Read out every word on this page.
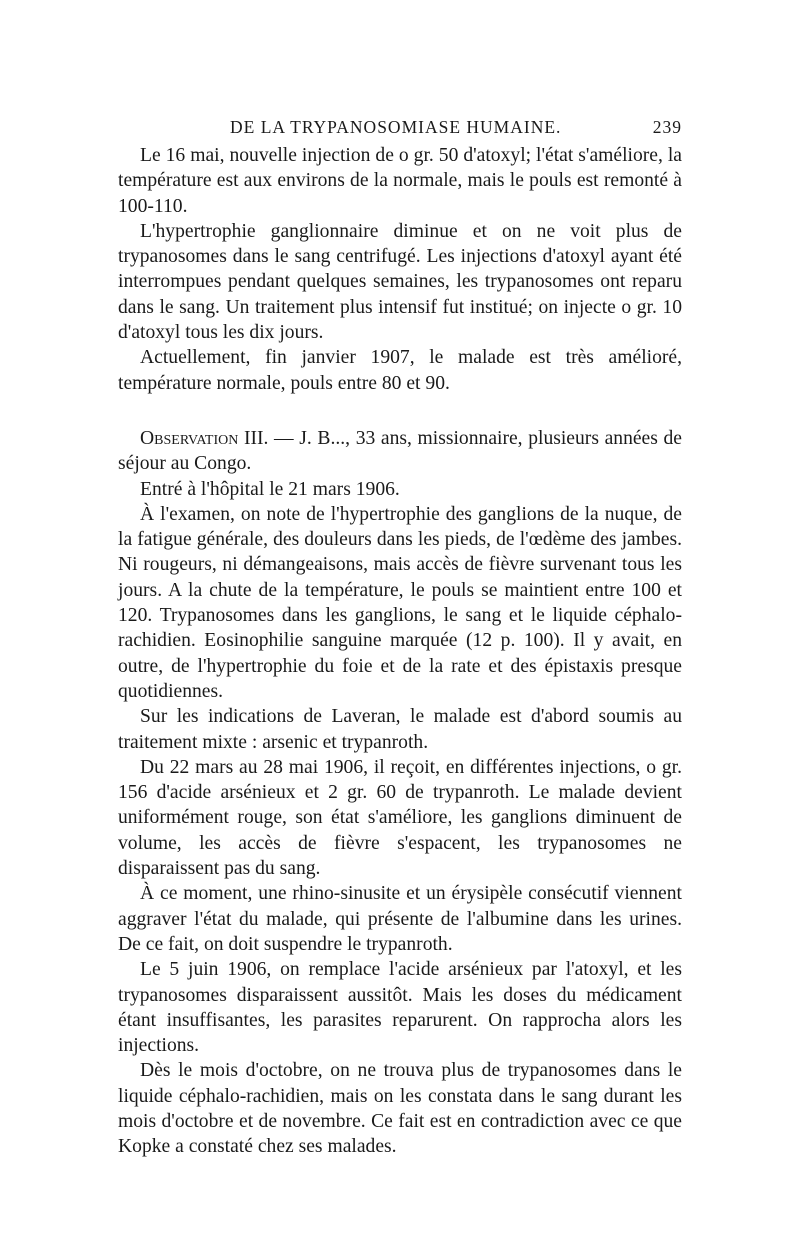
DE LA TRYPANOSOMIASE HUMAINE.	239

Le 16 mai, nouvelle injection de o gr. 50 d'atoxyl; l'état s'améliore, la température est aux environs de la normale, mais le pouls est remonté à 100-110.

L'hypertrophie ganglionnaire diminue et on ne voit plus de trypanosomes dans le sang centrifugé. Les injections d'atoxyl ayant été interrompues pendant quelques semaines, les trypanosomes ont reparu dans le sang. Un traitement plus intensif fut institué; on injecte o gr. 10 d'atoxyl tous les dix jours.

Actuellement, fin janvier 1907, le malade est très amélioré, température normale, pouls entre 80 et 90.

Observation III. — J. B..., 33 ans, missionnaire, plusieurs années de séjour au Congo.

Entré à l'hôpital le 21 mars 1906.

À l'examen, on note de l'hypertrophie des ganglions de la nuque, de la fatigue générale, des douleurs dans les pieds, de l'œdème des jambes. Ni rougeurs, ni démangeaisons, mais accès de fièvre survenant tous les jours. A la chute de la température, le pouls se maintient entre 100 et 120. Trypanosomes dans les ganglions, le sang et le liquide céphalo-rachidien. Eosinophilie sanguine marquée (12 p. 100). Il y avait, en outre, de l'hypertrophie du foie et de la rate et des épistaxis presque quotidiennes.

Sur les indications de Laveran, le malade est d'abord soumis au traitement mixte : arsenic et trypanroth.

Du 22 mars au 28 mai 1906, il reçoit, en différentes injections, o gr. 156 d'acide arsénieux et 2 gr. 60 de trypanroth. Le malade devient uniformément rouge, son état s'améliore, les ganglions diminuent de volume, les accès de fièvre s'espacent, les trypanosomes ne disparaissent pas du sang.

À ce moment, une rhino-sinusite et un érysipèle consécutif viennent aggraver l'état du malade, qui présente de l'albumine dans les urines. De ce fait, on doit suspendre le trypanroth.

Le 5 juin 1906, on remplace l'acide arsénieux par l'atoxyl, et les trypanosomes disparaissent aussitôt. Mais les doses du médicament étant insuffisantes, les parasites reparurent. On rapprocha alors les injections.

Dès le mois d'octobre, on ne trouva plus de trypanosomes dans le liquide céphalo-rachidien, mais on les constata dans le sang durant les mois d'octobre et de novembre. Ce fait est en contradiction avec ce que Kopke a constaté chez ses malades.
